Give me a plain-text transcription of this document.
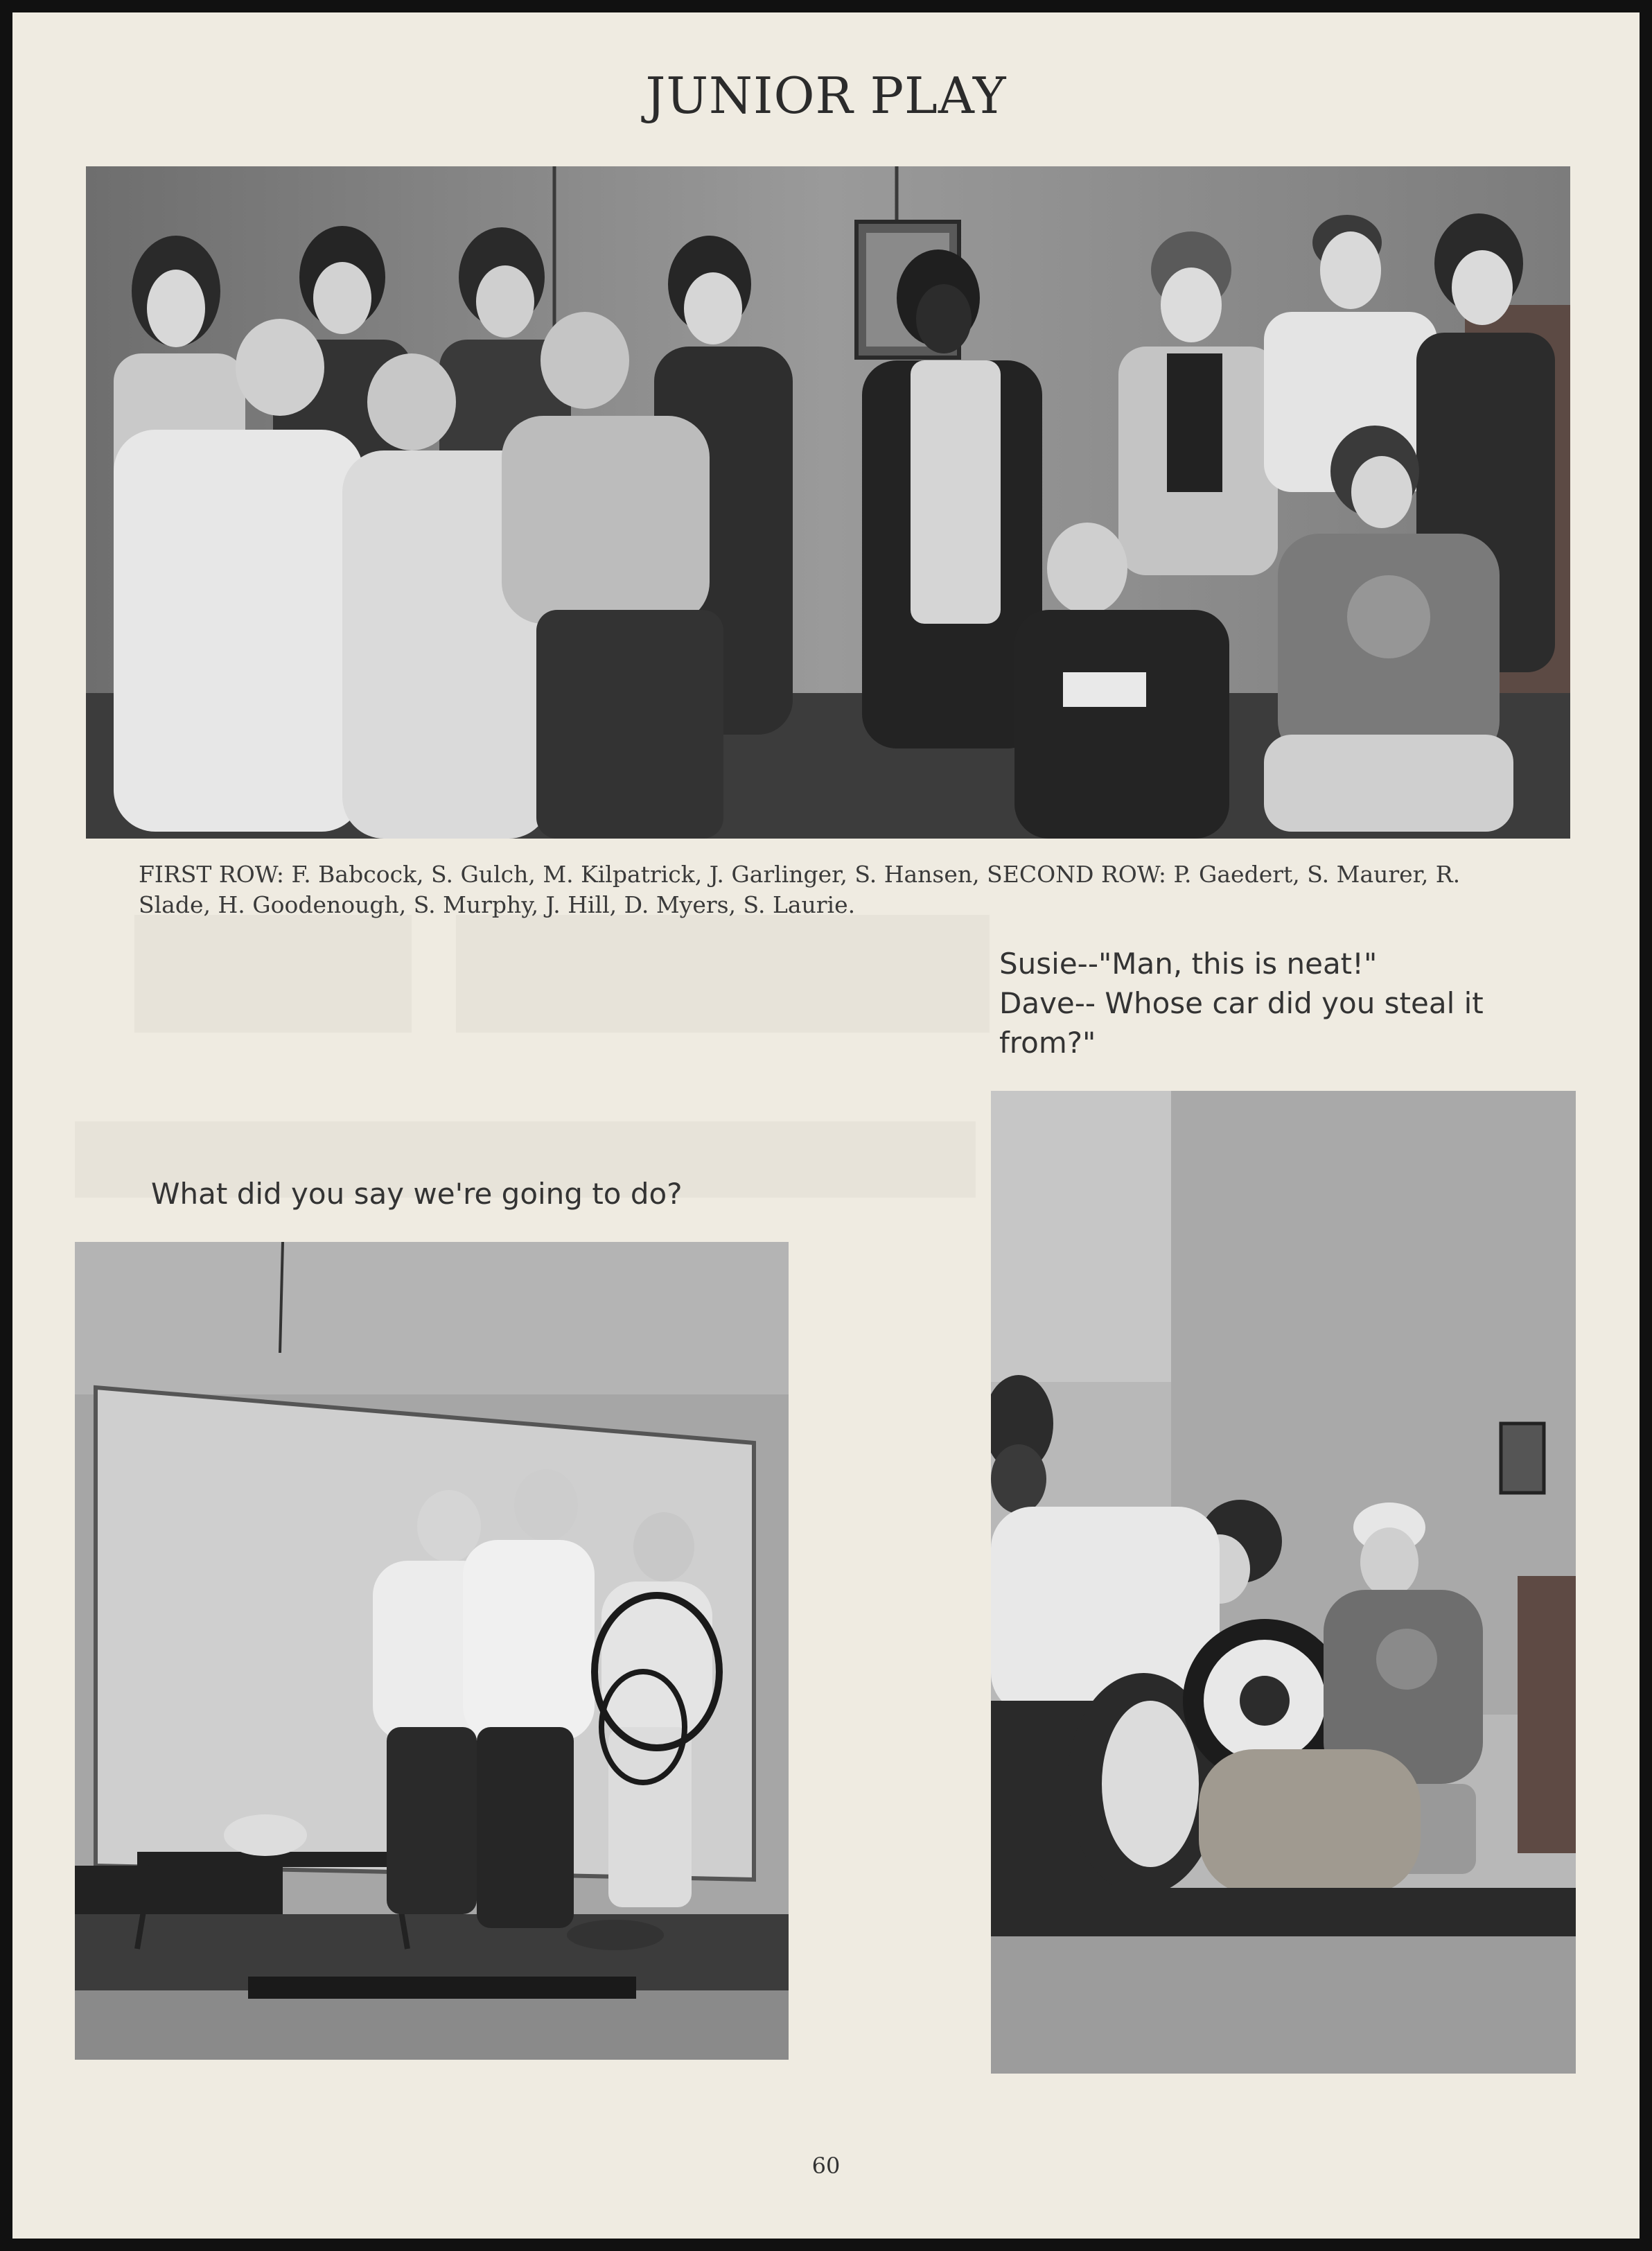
JUNIOR PLAY
FIRST ROW: F. Babcock, S. Gulch, M. Kilpatrick, J. Garlinger, S. Hansen, SECOND ROW: P. Gaedert, S. Maurer, R. Slade, H. Goodenough, S. Murphy, J. Hill, D. Myers, S. Laurie.
Susie--"Man, this is neat!"
Dave-- Whose car did you steal it
from?"
What did you say we're going to do?
60
